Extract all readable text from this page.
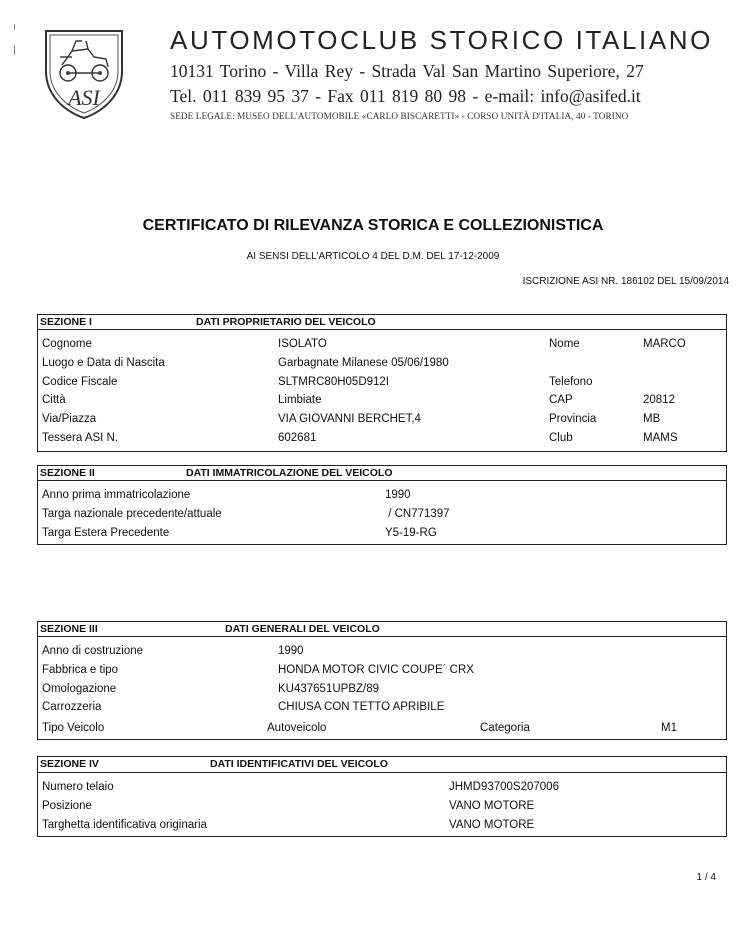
ASI
AUTOMOTOCLUB STORICO ITALIANO
10131 Torino - Villa Rey - Strada Val San Martino Superiore, 27
Tel. 011 839 95 37 - Fax 011 819 80 98 - e-mail: info@asifed.it
SEDE LEGALE: MUSEO DELL'AUTOMOBILE «CARLO BISCARETTI» - CORSO UNITÀ D'ITALIA, 40 - TORINO
CERTIFICATO DI RILEVANZA STORICA E COLLEZIONISTICA
AI SENSI DELL'ARTICOLO 4 DEL D.M. DEL 17-12-2009
ISCRIZIONE ASI NR. 186102 DEL 15/09/2014
SEZIONE I	DATI PROPRIETARIO DEL VEICOLO
Cognome	ISOLATO	Nome	MARCO
Luogo e Data di Nascita	Garbagnate Milanese 05/06/1980
Codice Fiscale	SLTMRC80H05D912I	Telefono
Città	Limbiate	CAP	20812
Via/Piazza	VIA GIOVANNI BERCHET,4	Provincia	MB
Tessera ASI N.	602681	Club	MAMS
SEZIONE II	DATI IMMATRICOLAZIONE DEL VEICOLO
Anno prima immatricolazione	1990
Targa nazionale precedente/attuale	/ CN771397
Targa Estera Precedente	Y5-19-RG
SEZIONE III	DATI GENERALI DEL VEICOLO
Anno di costruzione	1990
Fabbrica e tipo	HONDA MOTOR CIVIC COUPE´ CRX
Omologazione	KU437651UPBZ/89
Carrozzeria	CHIUSA CON TETTO APRIBILE
Tipo Veicolo	Autoveicolo	Categoria	M1
SEZIONE IV	DATI IDENTIFICATIVI DEL VEICOLO
Numero telaio	JHMD93700S207006
Posizione	VANO MOTORE
Targhetta identificativa originaria	VANO MOTORE
1 / 4
